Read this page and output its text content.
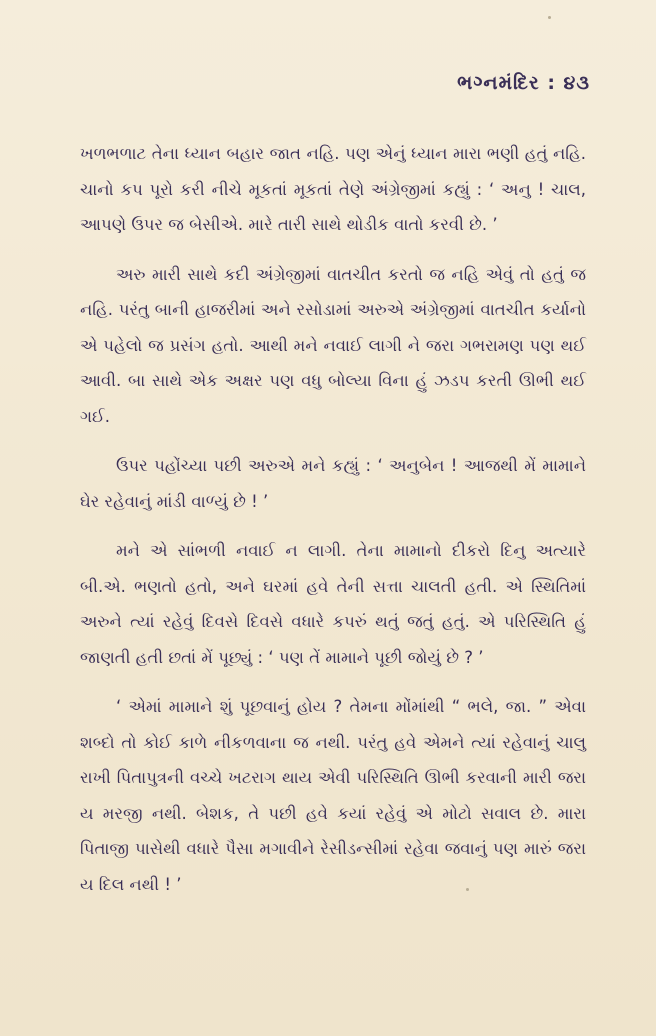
ભગ્નમંદિર : ૪૩

ખળભળાટ તેના ધ્યાન બહાર જાત નહિ. પણ એનું ધ્યાન મારા ભણી હતું નહિ. ચાનો કપ પૂરો કરી નીચે મૂકતાં મૂકતાં તેણે અંગ્રેજીમાં કહ્યું : ‘ અનુ ! ચાલ, આપણે ઉપર જ બેસીએ. મારે તારી સાથે થોડીક વાતો કરવી છે. ’

અરુ મારી સાથે કદી અંગ્રેજીમાં વાતચીત કરતો જ નહિ એવું તો હતું જ નહિ. પરંતુ બાની હાજરીમાં અને રસોડામાં અરુએ અંગ્રેજીમાં વાતચીત કર્યાનો એ પહેલો જ પ્રસંગ હતો. આથી મને નવાઈ લાગી ને જરા ગભરામણ પણ થઈ આવી. બા સાથે એક અક્ષર પણ વધુ બોલ્યા વિના હું ઝડપ કરતી ઊભી થઈ ગઈ.

ઉપર પહોંચ્યા પછી અરુએ મને કહ્યું : ‘ અનુબેન ! આજથી મેં મામાને ઘેર રહેવાનું માંડી વાળ્યું છે ! ’

મને એ સાંભળી નવાઈ ન લાગી. તેના મામાનો દીકરો દિનુ અત્યારે બી.એ. ભણતો હતો, અને ઘરમાં હવે તેની સત્તા ચાલતી હતી. એ સ્થિતિમાં અરુને ત્યાં રહેવું દિવસે દિવસે વધારે કપરું થતું જતું હતું. એ પરિસ્થિતિ હું જાણતી હતી છતાં મેં પૂછ્યું : ‘ પણ તેં મામાને પૂછી જોયું છે ? ’

‘ એમાં મામાને શું પૂછવાનું હોય ? તેમના મોંમાંથી “ ભલે, જા. ” એવા શબ્દો તો કોઈ કાળે નીકળવાના જ નથી. પરંતુ હવે એમને ત્યાં રહેવાનું ચાલુ રાખી પિતાપુત્રની વચ્ચે ખટરાગ થાય એવી પરિસ્થિતિ ઊભી કરવાની મારી જરા ય મરજી નથી. બેશક, તે પછી હવે કયાં રહેવું એ મોટો સવાલ છે. મારા પિતાજી પાસેથી વધારે પૈસા મગાવીને રેસીડન્સીમાં રહેવા જવાનું પણ મારું જરા ય દિલ નથી ! ’
